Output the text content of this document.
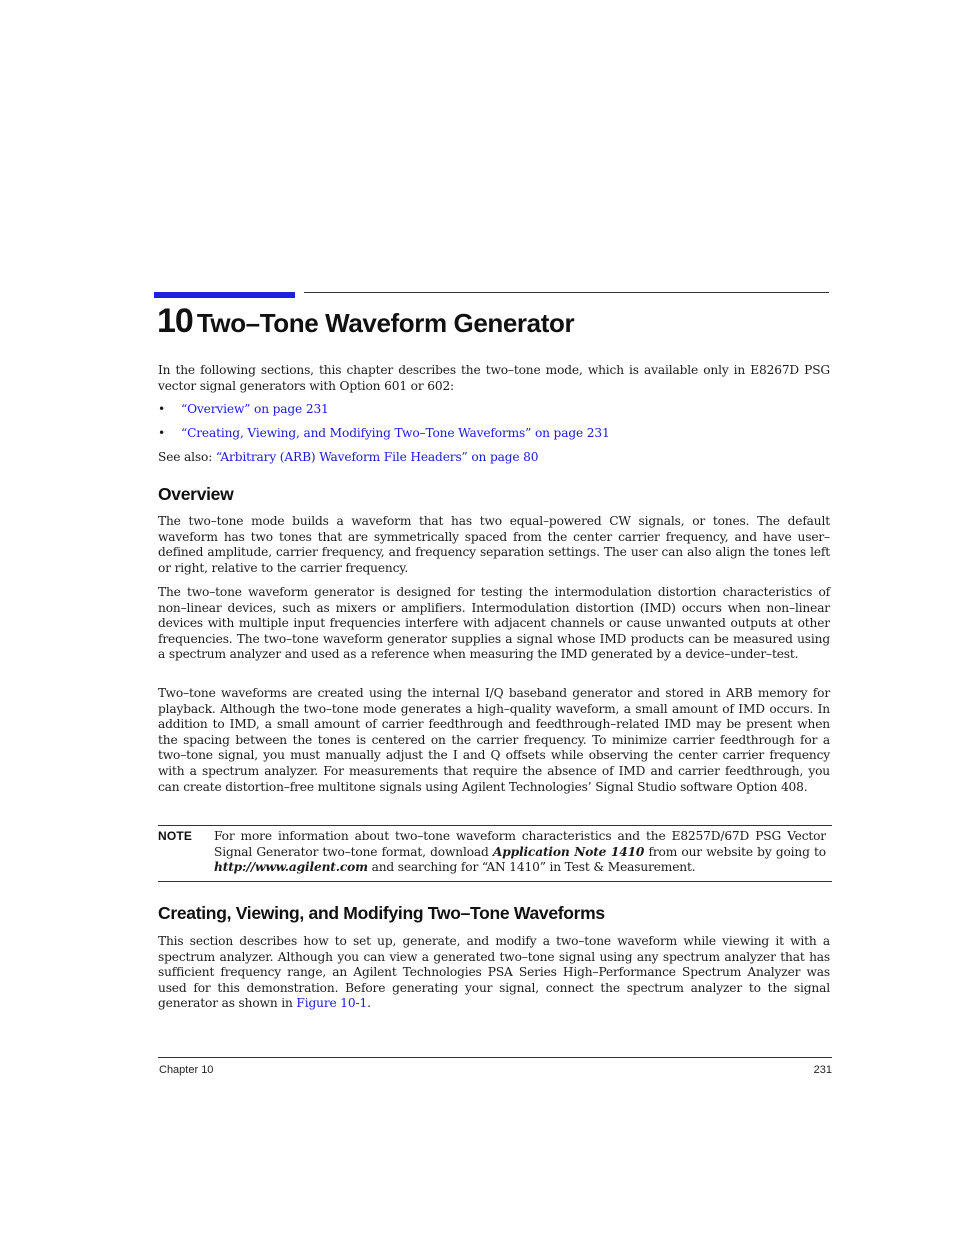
10 Two–Tone Waveform Generator

In the following sections, this chapter describes the two–tone mode, which is available only in E8267D PSG vector signal generators with Option 601 or 602:

• “Overview” on page 231
• “Creating, Viewing, and Modifying Two–Tone Waveforms” on page 231
See also: “Arbitrary (ARB) Waveform File Headers” on page 80
Overview

The two–tone mode builds a waveform that has two equal–powered CW signals, or tones. The default waveform has two tones that are symmetrically spaced from the center carrier frequency, and have user–defined amplitude, carrier frequency, and frequency separation settings. The user can also align the tones left or right, relative to the carrier frequency.

The two–tone waveform generator is designed for testing the intermodulation distortion characteristics of non–linear devices, such as mixers or amplifiers. Intermodulation distortion (IMD) occurs when non–linear devices with multiple input frequencies interfere with adjacent channels or cause unwanted outputs at other frequencies. The two–tone waveform generator supplies a signal whose IMD products can be measured using a spectrum analyzer and used as a reference when measuring the IMD generated by a device–under–test.

Two–tone waveforms are created using the internal I/Q baseband generator and stored in ARB memory for playback. Although the two–tone mode generates a high–quality waveform, a small amount of IMD occurs. In addition to IMD, a small amount of carrier feedthrough and feedthrough–related IMD may be present when the spacing between the tones is centered on the carrier frequency. To minimize carrier feedthrough for a two–tone signal, you must manually adjust the I and Q offsets while observing the center carrier frequency with a spectrum analyzer. For measurements that require the absence of IMD and carrier feedthrough, you can create distortion–free multitone signals using Agilent Technologies’ Signal Studio software Option 408.

NOTE For more information about two–tone waveform characteristics and the E8257D/67D PSG Vector Signal Generator two–tone format, download Application Note 1410 from our website by going to http://www.agilent.com and searching for “AN 1410” in Test & Measurement.

Creating, Viewing, and Modifying Two–Tone Waveforms

This section describes how to set up, generate, and modify a two–tone waveform while viewing it with a spectrum analyzer. Although you can view a generated two–tone signal using any spectrum analyzer that has sufficient frequency range, an Agilent Technologies PSA Series High–Performance Spectrum Analyzer was used for this demonstration. Before generating your signal, connect the spectrum analyzer to the signal generator as shown in Figure 10-1.

Chapter 10	231
